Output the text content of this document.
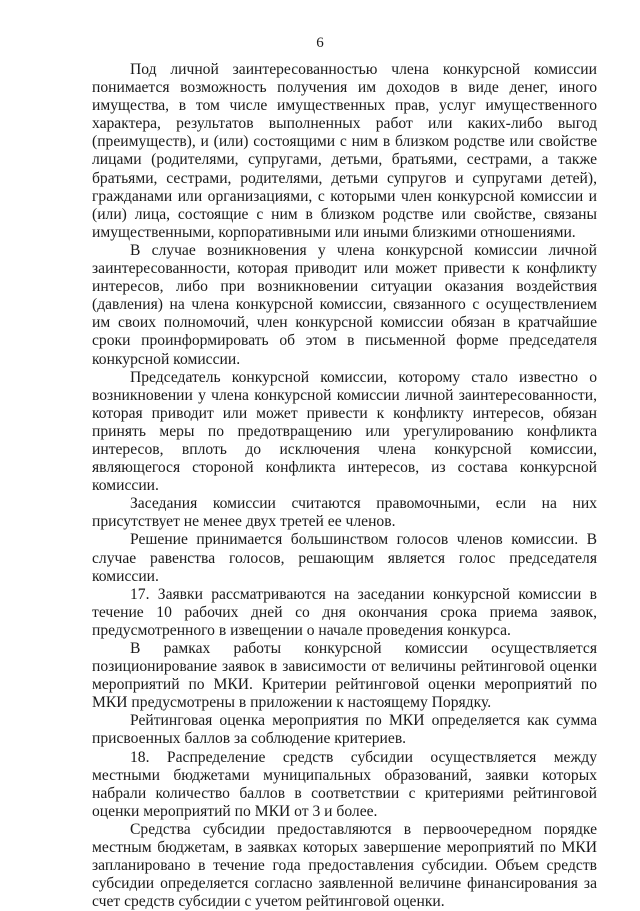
6

Под личной заинтересованностью члена конкурсной комиссии понимается возможность получения им доходов в виде денег, иного имущества, в том числе имущественных прав, услуг имущественного характера, результатов выполненных работ или каких-либо выгод (преимуществ), и (или) состоящими с ним в близком родстве или свойстве лицами (родителями, супругами, детьми, братьями, сестрами, а также братьями, сестрами, родителями, детьми супругов и супругами детей), гражданами или организациями, с которыми член конкурсной комиссии и (или) лица, состоящие с ним в близком родстве или свойстве, связаны имущественными, корпоративными или иными близкими отношениями.

В случае возникновения у члена конкурсной комиссии личной заинтересованности, которая приводит или может привести к конфликту интересов, либо при возникновении ситуации оказания воздействия (давления) на члена конкурсной комиссии, связанного с осуществлением им своих полномочий, член конкурсной комиссии обязан в кратчайшие сроки проинформировать об этом в письменной форме председателя конкурсной комиссии.

Председатель конкурсной комиссии, которому стало известно о возникновении у члена конкурсной комиссии личной заинтересованности, которая приводит или может привести к конфликту интересов, обязан принять меры по предотвращению или урегулированию конфликта интересов, вплоть до исключения члена конкурсной комиссии, являющегося стороной конфликта интересов, из состава конкурсной комиссии.

Заседания комиссии считаются правомочными, если на них присутствует не менее двух третей ее членов.

Решение принимается большинством голосов членов комиссии. В случае равенства голосов, решающим является голос председателя комиссии.

17. Заявки рассматриваются на заседании конкурсной комиссии в течение 10 рабочих дней со дня окончания срока приема заявок, предусмотренного в извещении о начале проведения конкурса.

В рамках работы конкурсной комиссии осуществляется позиционирование заявок в зависимости от величины рейтинговой оценки мероприятий по МКИ. Критерии рейтинговой оценки мероприятий по МКИ предусмотрены в приложении к настоящему Порядку.

Рейтинговая оценка мероприятия по МКИ определяется как сумма присвоенных баллов за соблюдение критериев.

18. Распределение средств субсидии осуществляется между местными бюджетами муниципальных образований, заявки которых набрали количество баллов в соответствии с критериями рейтинговой оценки мероприятий по МКИ от 3 и более.

Средства субсидии предоставляются в первоочередном порядке местным бюджетам, в заявках которых завершение мероприятий по МКИ запланировано в течение года предоставления субсидии. Объем средств субсидии определяется согласно заявленной величине финансирования за счет средств субсидии с учетом рейтинговой оценки.
